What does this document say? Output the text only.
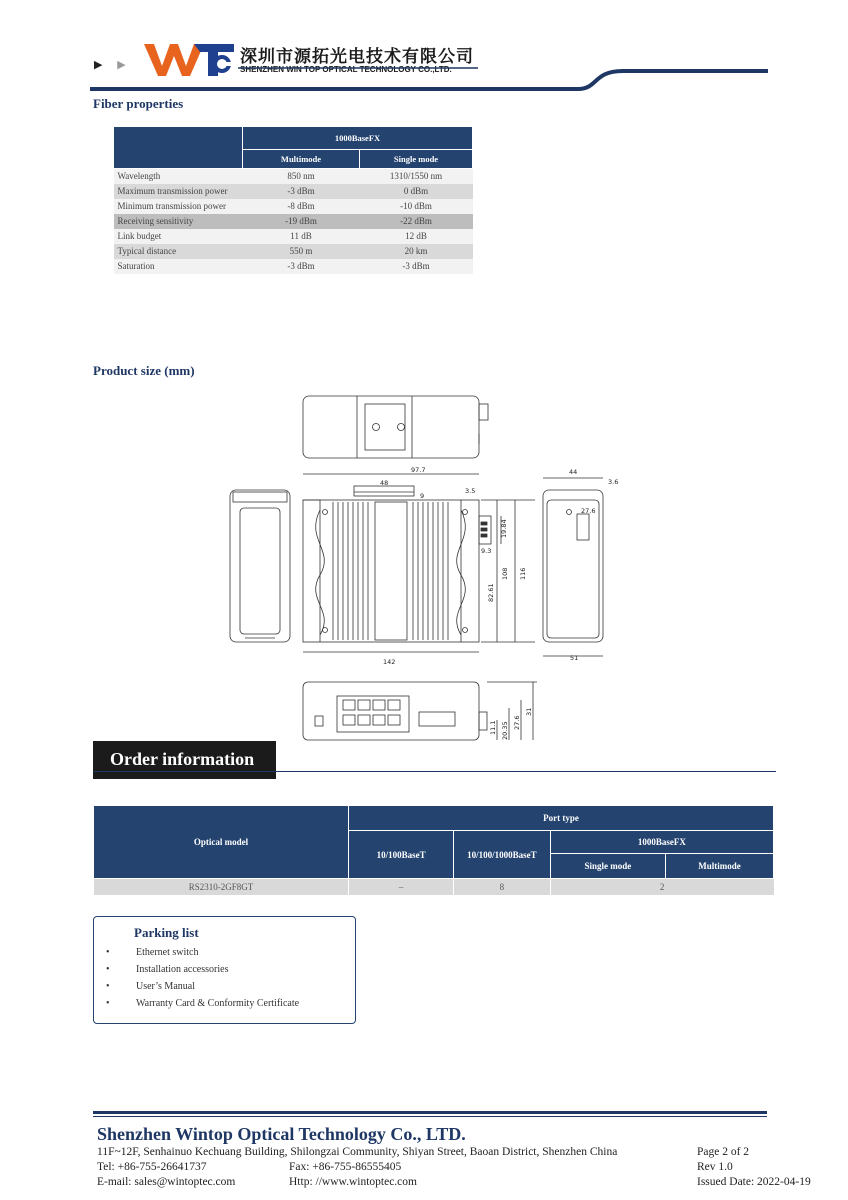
▶ ▶	深圳市源拓光电技术有限公司
SHENZHEN WIN TOP OPTICAL TECHNOLOGY CO.,LTD.
Fiber properties
	1000BaseFX	
	Multimode	Single mode
Wavelength	850 nm	1310/1550 nm
Maximum transmission power	-3 dBm	0 dBm
Minimum transmission power	-8 dBm	-10 dBm
Receiving sensitivity	-19 dBm	-22 dBm
Link budget	11 dB	12 dB
Typical distance	550 m	20 km
Saturation	-3 dBm	-3 dBm
Product size (mm)
97.7
48
9
3.5
19.84
9.3
82.61
108 116
142
44
3.6
27.6
51
11.1 20.35 27.6
31
Order information
Optical model	Port type			
	10/100BaseT	10/100/1000BaseT	1000BaseFX	
			Single mode	Multimode
RS2310-2GF8GT	–	8	2	
Parking list
•	Ethernet switch
•	Installation accessories
•	User’s Manual
•	Warranty Card & Conformity Certificate
Shenzhen Wintop Optical Technology Co., LTD.
11F~12F, Senhainuo Kechuang Building, Shilongzai Community, Shiyan Street, Baoan District, Shenzhen China
Tel: +86-755-26641737	Fax: +86-755-86555405
E-mail: sales@wintoptec.com	Http: //www.wintoptec.com
Page 2 of 2
Rev 1.0
Issued Date: 2022-04-19
